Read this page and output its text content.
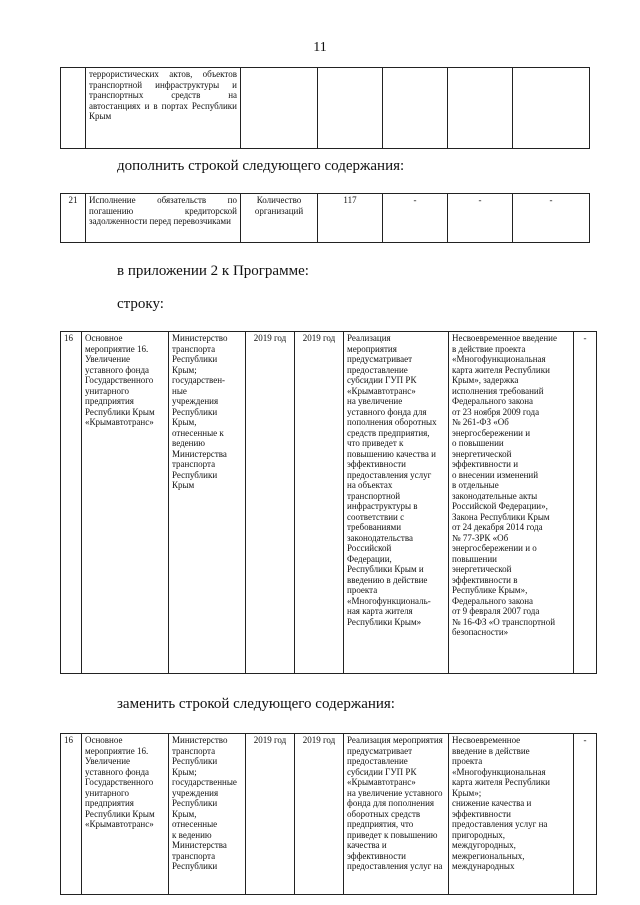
11
	террористических актов, объектов транспортной инфраструктуры и транспортных средств на автостанциях и в портах Республики Крым					
дополнить строкой следующего содержания:
21	Исполнение обязательств по погашению кредиторской задолженности перед перевозчиками	Количество организаций	117	-	-	-
в приложении 2 к Программе:
строку:
16	Основное
мероприятие 16.
Увеличение
уставного фонда
Государственного
унитарного
предприятия
Республики Крым
«Крымавтотранс»	Министерство
транспорта
Республики
Крым;
государствен-
ные
учреждения
Республики
Крым,
отнесенные к
ведению
Министерства
транспорта
Республики
Крым	2019 год	2019 год	Реализация
мероприятия
предусматривает
предоставление
субсидии ГУП РК
«Крымавтотранс»
на увеличение
уставного фонда для
пополнения оборотных
средств предприятия,
что приведет к
повышению качества и
эффективности
предоставления услуг
на объектах
транспортной
инфраструктуры в
соответствии с
требованиями
законодательства
Российской
Федерации,
Республики Крым и
введению в действие
проекта
«Многофункциональ-
ная карта жителя
Республики Крым»	Несвоевременное введение
в действие проекта
«Многофункциональная
карта жителя Республики
Крым», задержка
исполнения требований
Федерального закона
от 23 ноября 2009 года
№ 261-ФЗ «Об
энергосбережении и
о повышении
энергетической
эффективности и
о внесении изменений
в отдельные
законодательные акты
Российской Федерации»,
Закона Республики Крым
от 24 декабря 2014 года
№ 77-ЗРК «Об
энергосбережении и о
повышении
энергетической
эффективности в
Республике Крым»,
Федерального закона
от 9 февраля 2007 года
№ 16-ФЗ «О транспортной
безопасности»	-
заменить строкой следующего содержания:
16	Основное
мероприятие 16.
Увеличение
уставного фонда
Государственного
унитарного
предприятия
Республики Крым
«Крымавтотранс»	Министерство
транспорта
Республики
Крым;
государственные
учреждения
Республики
Крым,
отнесенные
к ведению
Министерства
транспорта
Республики	2019 год	2019 год	Реализация мероприятия
предусматривает
предоставление
субсидии ГУП РК
«Крымавтотранс»
на увеличение уставного
фонда для пополнения
оборотных средств
предприятия, что
приведет к повышению
качества и
эффективности
предоставления услуг на	Несвоевременное
введение в действие
проекта
«Многофункциональная
карта жителя Республики
Крым»;
снижение качества и
эффективности
предоставления услуг на
пригородных,
междугородных,
межрегиональных,
международных	-
